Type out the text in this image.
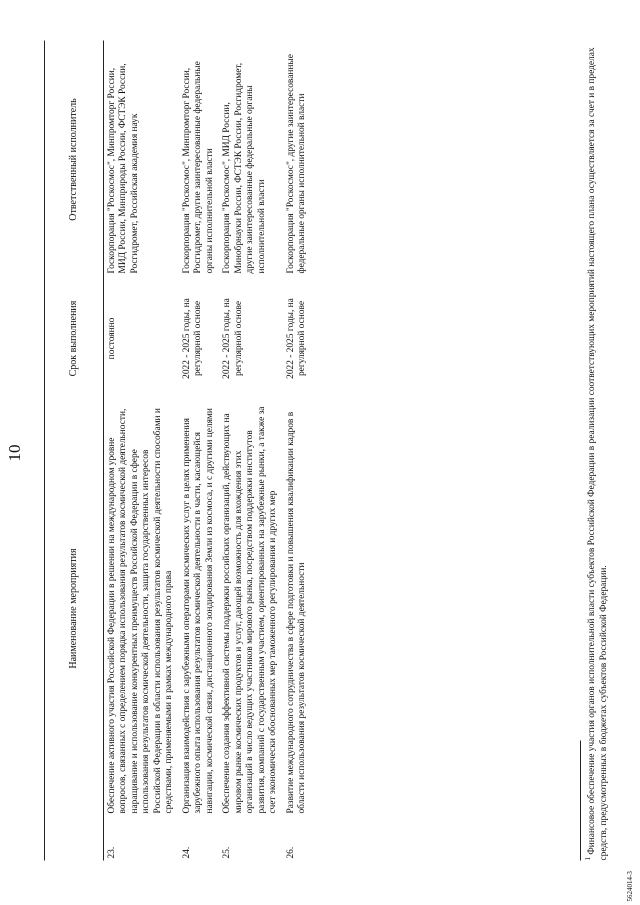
10
	Наименование мероприятия	Срок выполнения	Ответственный исполнитель
23.	Обеспечение активного участия Российской Федерации в решении на международном уровне вопросов, связанных с определением порядка использования результатов космической деятельности, наращивание и использование конкурентных преимуществ Российской Федерации в сфере использования результатов космической деятельности, защита государственных интересов Российской Федерации в области использования результатов космической деятельности способами и средствами, применяемыми в рамках международного права	постоянно	Госкорпорация "Роскосмос", Минпромторг России, МИД России, Минприроды России, ФСТЭК России, Росгидромет, Российская академия наук
24.	Организация взаимодействия с зарубежными операторами космических услуг в целях применения зарубежного опыта использования результатов космической деятельности в части, касающейся навигации, космической связи, дистанционного зондирования Земли из космоса, и с другими целями	2022 - 2025 годы, на регулярной основе	Госкорпорация "Роскосмос", Минпромторг России, Росгидромет, другие заинтересованные федеральные органы исполнительной власти
25.	Обеспечение создания эффективной системы поддержки российских организаций, действующих на мировом рынке космических продуктов и услуг, дающей возможность для вхождения этих организаций в число ведущих участников мирового рынка, посредством поддержки институтов развития, компаний с государственным участием, ориентированных на зарубежные рынки, а также за счет экономически обоснованных мер таможенного регулирования и других мер	2022 - 2025 годы, на регулярной основе	Госкорпорация "Роскосмос", МИД России, Минобрнауки России, ФСТЭК России, Росгидромет, другие заинтересованные федеральные органы исполнительной власти
26.	Развитие международного сотрудничества в сфере подготовки и повышения квалификации кадров в области использования результатов космической деятельности	2022 - 2025 годы, на регулярной основе	Госкорпорация "Роскосмос", другие заинтересованные федеральные органы исполнительной власти
$^1$ Финансовое обеспечение участия органов исполнительной власти субъектов Российской Федерации в реализации соответствующих мероприятий настоящего плана осуществляется за счет и в пределах средств, предусмотренных в бюджетах субъектов Российской Федерации.
5624014-3
